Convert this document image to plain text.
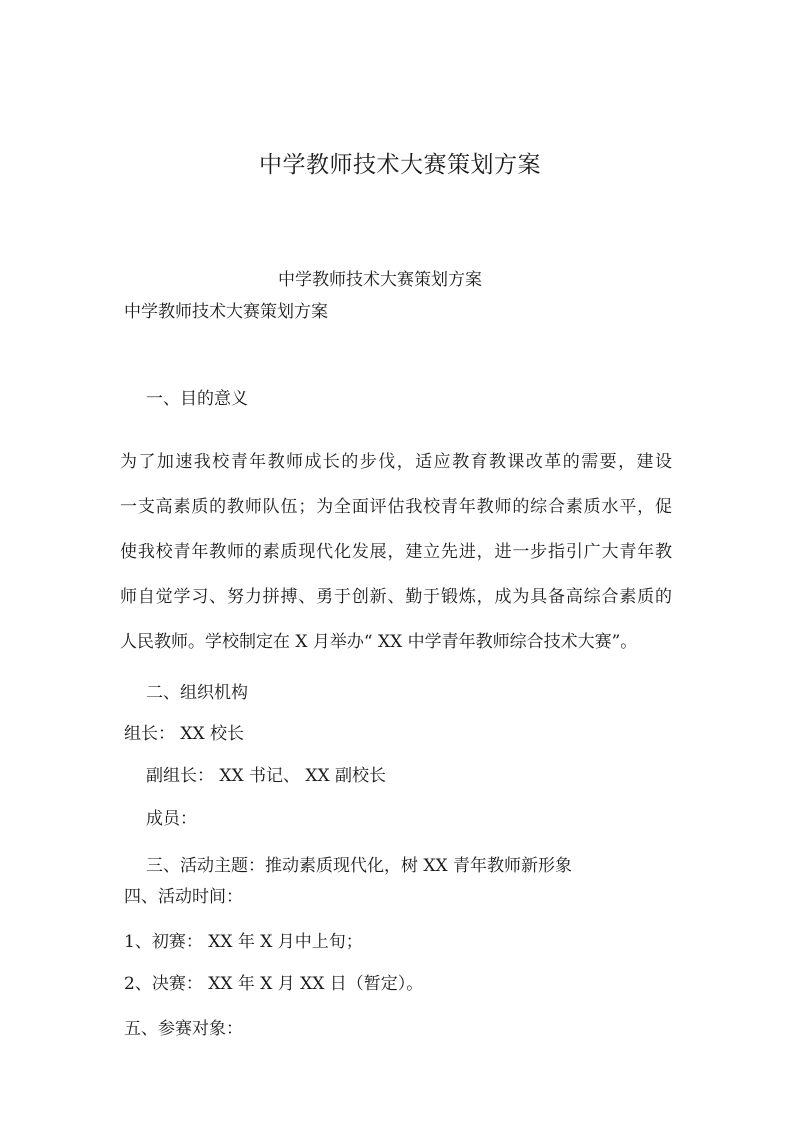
中学教师技术大赛策划方案
中学教师技术大赛策划方案
中学教师技术大赛策划方案
一、目的意义
为了加速我校青年教师成长的步伐，适应教育教课改革的需要，建设
一支高素质的教师队伍；为全面评估我校青年教师的综合素质水平，促
使我校青年教师的素质现代化发展，建立先进，进一步指引广大青年教
师自觉学习、努力拼搏、勇于创新、勤于锻炼，成为具备高综合素质的
人民教师。学校制定在 X 月举办“ XX 中学青年教师综合技术大赛”。
二、组织机构
组长： XX 校长
副组长： XX 书记、 XX 副校长
成员：
三、活动主题：推动素质现代化，树 XX 青年教师新形象
四、活动时间：
1、初赛： XX 年 X 月中上旬；
2、决赛： XX 年 X 月 XX 日（暂定）。
五、参赛对象：
